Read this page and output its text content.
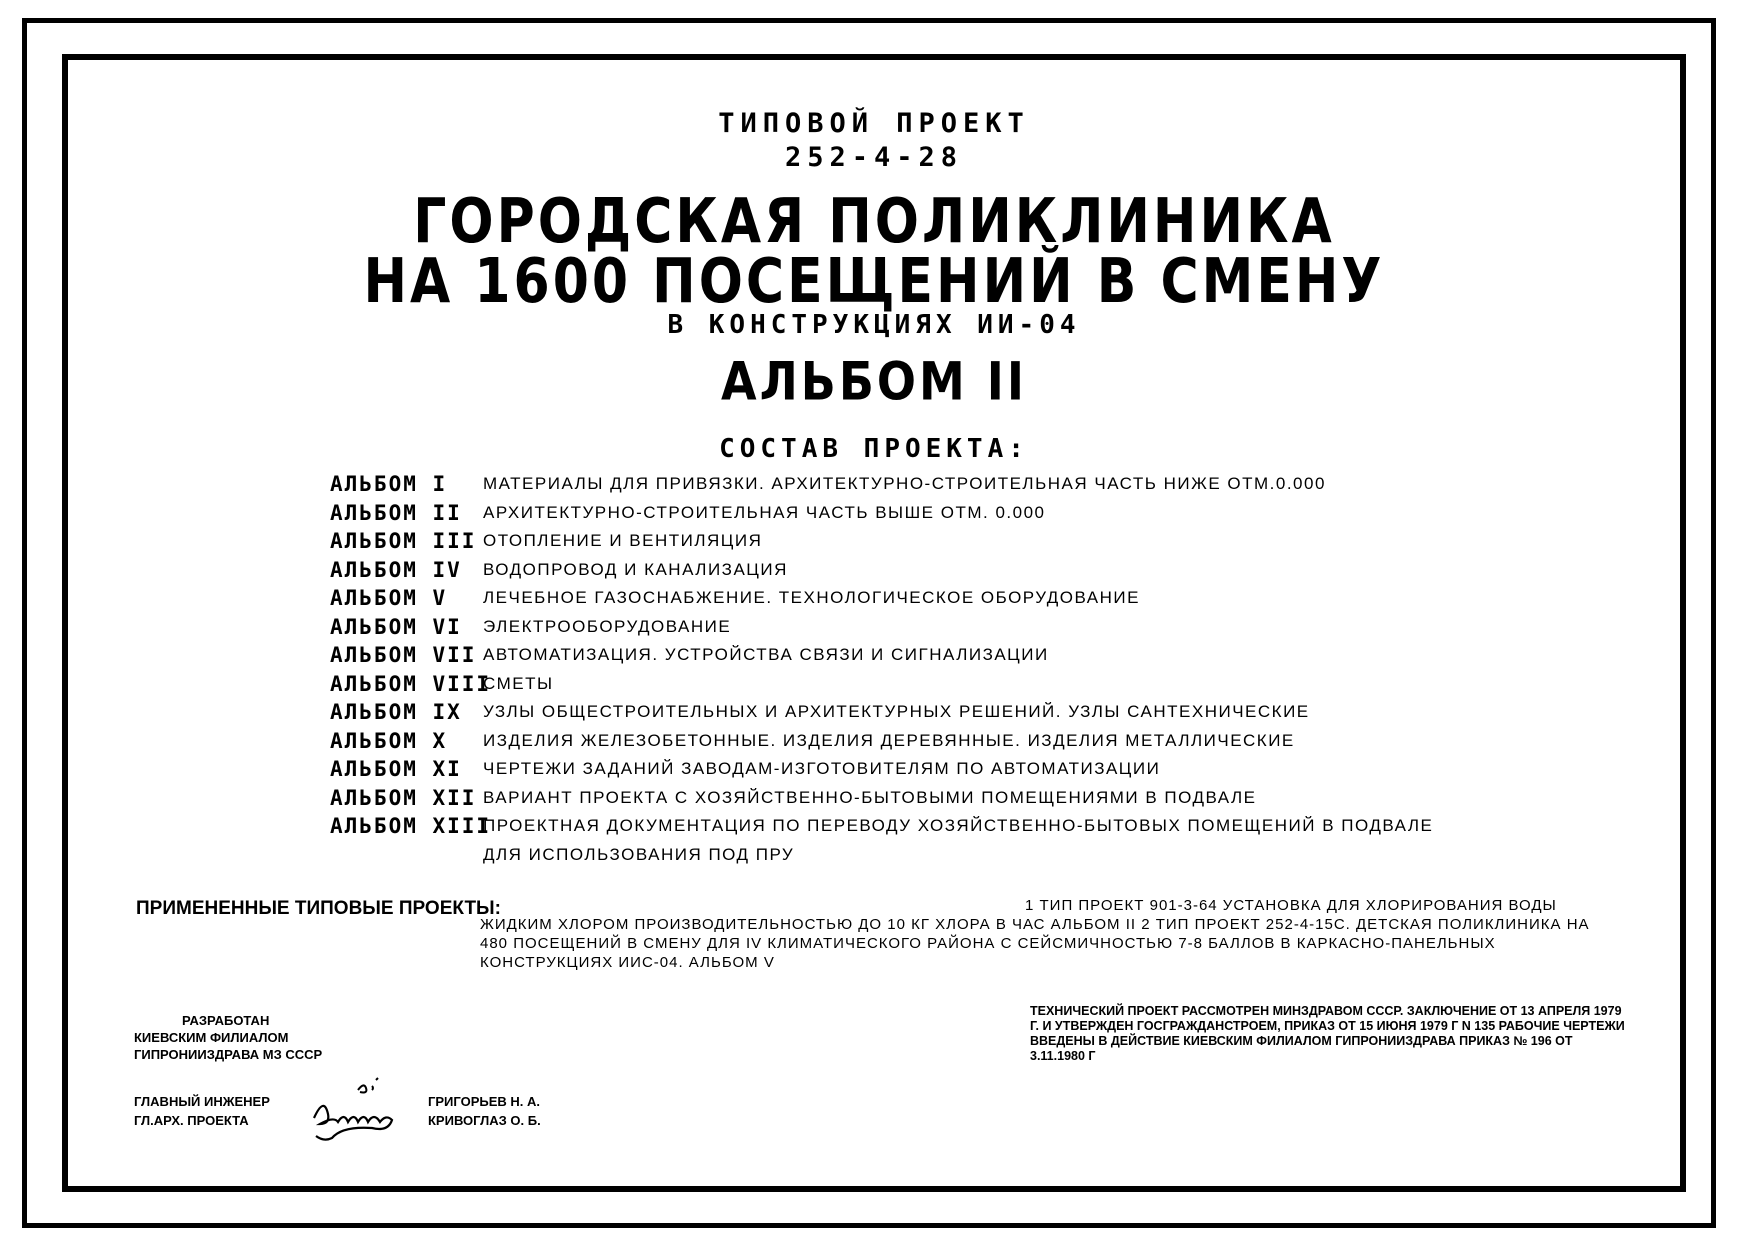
ТИПОВОЙ ПРОЕКТ
252-4-28
ГОРОДСКАЯ ПОЛИКЛИНИКА
НА 1600 ПОСЕЩЕНИЙ В СМЕНУ
В КОНСТРУКЦИЯХ ИИ-04
АЛЬБОМ II
СОСТАВ ПРОЕКТА:
АЛЬБОМ I МАТЕРИАЛЫ ДЛЯ ПРИВЯЗКИ. АРХИТЕКТУРНО-СТРОИТЕЛЬНАЯ ЧАСТЬ НИЖЕ ОТМ.0.000
АЛЬБОМ II АРХИТЕКТУРНО-СТРОИТЕЛЬНАЯ ЧАСТЬ ВЫШЕ ОТМ. 0.000
АЛЬБОМ III ОТОПЛЕНИЕ И ВЕНТИЛЯЦИЯ
АЛЬБОМ IV ВОДОПРОВОД И КАНАЛИЗАЦИЯ
АЛЬБОМ V ЛЕЧЕБНОЕ ГАЗОСНАБЖЕНИЕ. ТЕХНОЛОГИЧЕСКОЕ ОБОРУДОВАНИЕ
АЛЬБОМ VI ЭЛЕКТРООБОРУДОВАНИЕ
АЛЬБОМ VII АВТОМАТИЗАЦИЯ. УСТРОЙСТВА СВЯЗИ И СИГНАЛИЗАЦИИ
АЛЬБОМ VIII
СМЕТЫ
АЛЬБОМ IX УЗЛЫ ОБЩЕСТРОИТЕЛЬНЫХ И АРХИТЕКТУРНЫХ РЕШЕНИЙ. УЗЛЫ САНТЕХНИЧЕСКИЕ
АЛЬБОМ X ИЗДЕЛИЯ ЖЕЛЕЗОБЕТОННЫЕ. ИЗДЕЛИЯ ДЕРЕВЯННЫЕ. ИЗДЕЛИЯ МЕТАЛЛИЧЕСКИЕ
АЛЬБОМ XI ЧЕРТЕЖИ ЗАДАНИЙ ЗАВОДАМ-ИЗГОТОВИТЕЛЯМ ПО АВТОМАТИЗАЦИИ
АЛЬБОМ XII ВАРИАНТ ПРОЕКТА С ХОЗЯЙСТВЕННО-БЫТОВЫМИ ПОМЕЩЕНИЯМИ В ПОДВАЛЕ
АЛЬБОМ XIII
ПРОЕКТНАЯ ДОКУМЕНТАЦИЯ ПО ПЕРЕВОДУ ХОЗЯЙСТВЕННО-БЫТОВЫХ ПОМЕЩЕНИЙ В ПОДВАЛЕ
ДЛЯ ИСПОЛЬЗОВАНИЯ ПОД ПРУ
ПРИМЕНЕННЫЕ ТИПОВЫЕ ПРОЕКТЫ:	1 ТИП ПРОЕКТ 901-3-64 УСТАНОВКА ДЛЯ ХЛОРИРОВАНИЯ ВОДЫ ЖИДКИМ ХЛОРОМ ПРОИЗВОДИТЕЛЬНОСТЬЮ ДО 10 КГ ХЛОРА В ЧАС АЛЬБОМ II 2 ТИП ПРОЕКТ 252-4-15С. ДЕТСКАЯ ПОЛИКЛИНИКА НА 480 ПОСЕЩЕНИЙ В СМЕНУ ДЛЯ IV КЛИМАТИЧЕСКОГО РАЙОНА С СЕЙСМИЧНОСТЬЮ 7-8 БАЛЛОВ В КАРКАСНО-ПАНЕЛЬНЫХ КОНСТРУКЦИЯХ ИИС-04. АЛЬБОМ V
РАЗРАБОТАН
КИЕВСКИМ ФИЛИАЛОМ
ГИПРОНИИЗДРАВА МЗ СССР
ГЛАВНЫЙ ИНЖЕНЕР
ГЛ.АРХ. ПРОЕКТА
ГРИГОРЬЕВ Н. А.
КРИВОГЛАЗ О. Б.
ТЕХНИЧЕСКИЙ ПРОЕКТ РАССМОТРЕН МИНЗДРАВОМ СССР. ЗАКЛЮЧЕНИЕ ОТ 13 АПРЕЛЯ 1979 Г. И УТВЕРЖДЕН ГОСГРАЖДАНСТРОЕМ, ПРИКАЗ ОТ 15 ИЮНЯ 1979 Г N 135 РАБОЧИЕ ЧЕРТЕЖИ ВВЕДЕНЫ В ДЕЙСТВИЕ КИЕВСКИМ ФИЛИАЛОМ ГИПРОНИИЗДРАВА ПРИКАЗ № 196 ОТ 3.11.1980 Г
